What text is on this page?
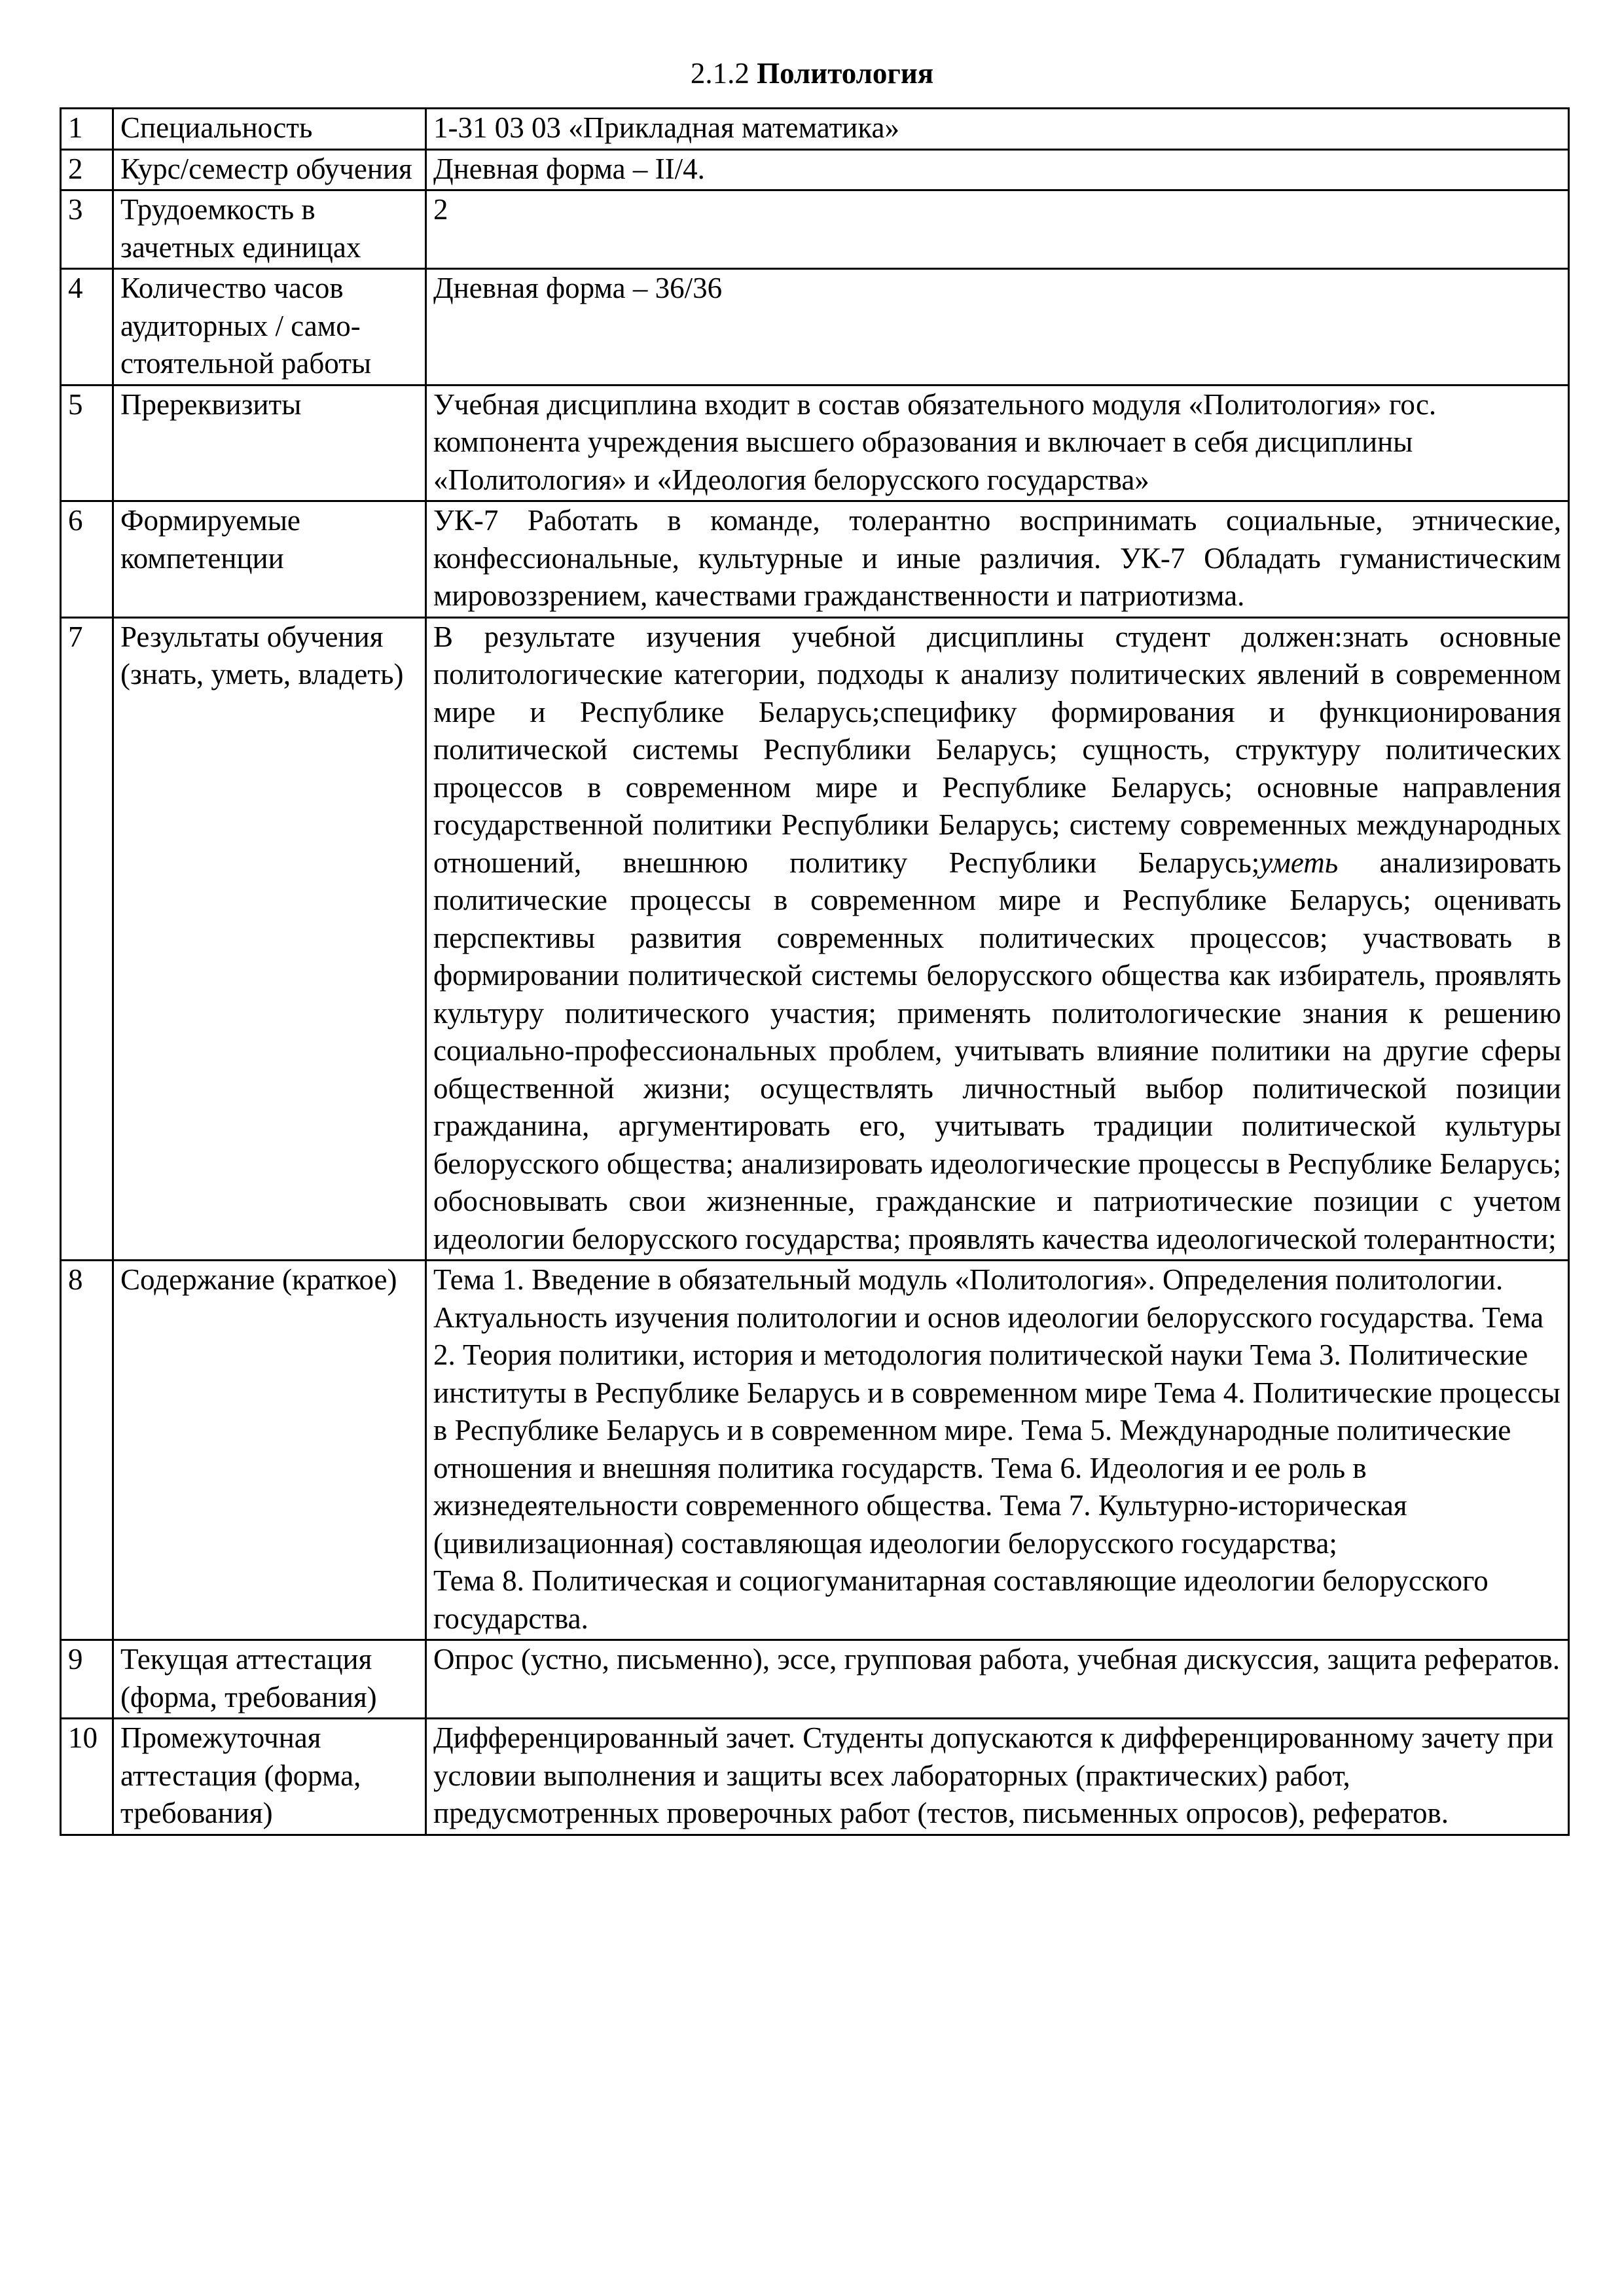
2.1.2 Политология
1	Специальность	1-31 03 03 «Прикладная математика»
2	Курс/семестр обучения	Дневная форма – II/4.
3	Трудоемкость в зачетных единицах	2
4	Количество часов аудиторных / само-стоятельной работы	Дневная форма – 36/36
5	Пререквизиты	Учебная дисциплина входит в состав обязательного модуля «Политология» гос. компонента учреждения высшего образования и включает в себя дисциплины «Политология» и «Идеология белорусского государства»
6	Формируемые компетенции	УК-7 Работать в команде, толерантно воспринимать социальные, этнические, конфессиональные, культурные и иные различия. УК-7 Обладать гуманистическим мировоззрением, качествами гражданственности и патриотизма.
7	Результаты обучения (знать, уметь, владеть)	В результате изучения учебной дисциплины студент должен:знать основные политологические категории, подходы к анализу политических явлений в современном мире и Республике Беларусь;специфику формирования и функционирования политической системы Республики Беларусь; сущность, структуру политических процессов в современном мире и Республике Беларусь; основные направления государственной политики Республики Беларусь; систему современных международных отношений, внешнюю политику Республики Беларусь;уметь анализировать политические процессы в современном мире и Республике Беларусь; оценивать перспективы развития современных политических процессов; участвовать в формировании политической системы белорусского общества как избиратель, проявлять культуру политического участия; применять политологические знания к решению социально-профессиональных проблем, учитывать влияние политики на другие сферы общественной жизни; осуществлять личностный выбор политической позиции гражданина, аргументировать его, учитывать традиции политической культуры белорусского общества; анализировать идеологические процессы в Республике Беларусь; обосновывать свои жизненные, гражданские и патриотические позиции с учетом идеологии белорусского государства; проявлять качества идеологической толерантности;
8	Содержание (краткое)	Тема 1. Введение в обязательный модуль «Политология». Определения политологии. Актуальность изучения политологии и основ идеологии белорусского государства. Тема 2. Теория политики, история и методология политической науки Тема 3. Политические институты в Республике Беларусь и в современном мире Тема 4. Политические процессы в Республике Беларусь и в современном мире. Тема 5. Международные политические отношения и внешняя политика государств. Тема 6. Идеология и ее роль в жизнедеятельности современного общества. Тема 7. Культурно-историческая (цивилизационная) составляющая идеологии белорусского государства;
Тема 8. Политическая и социогуманитарная составляющие идеологии белорусского государства.

9	Текущая аттестация (форма, требования)	Опрос (устно, письменно), эссе, групповая работа, учебная дискуссия, защита рефератов.
10	Промежуточная аттестация (форма, требования)	Дифференцированный зачет. Студенты допускаются к дифференцированному зачету при условии выполнения и защиты всех лабораторных (практических) работ, предусмотренных проверочных работ (тестов, письменных опросов), рефератов.
